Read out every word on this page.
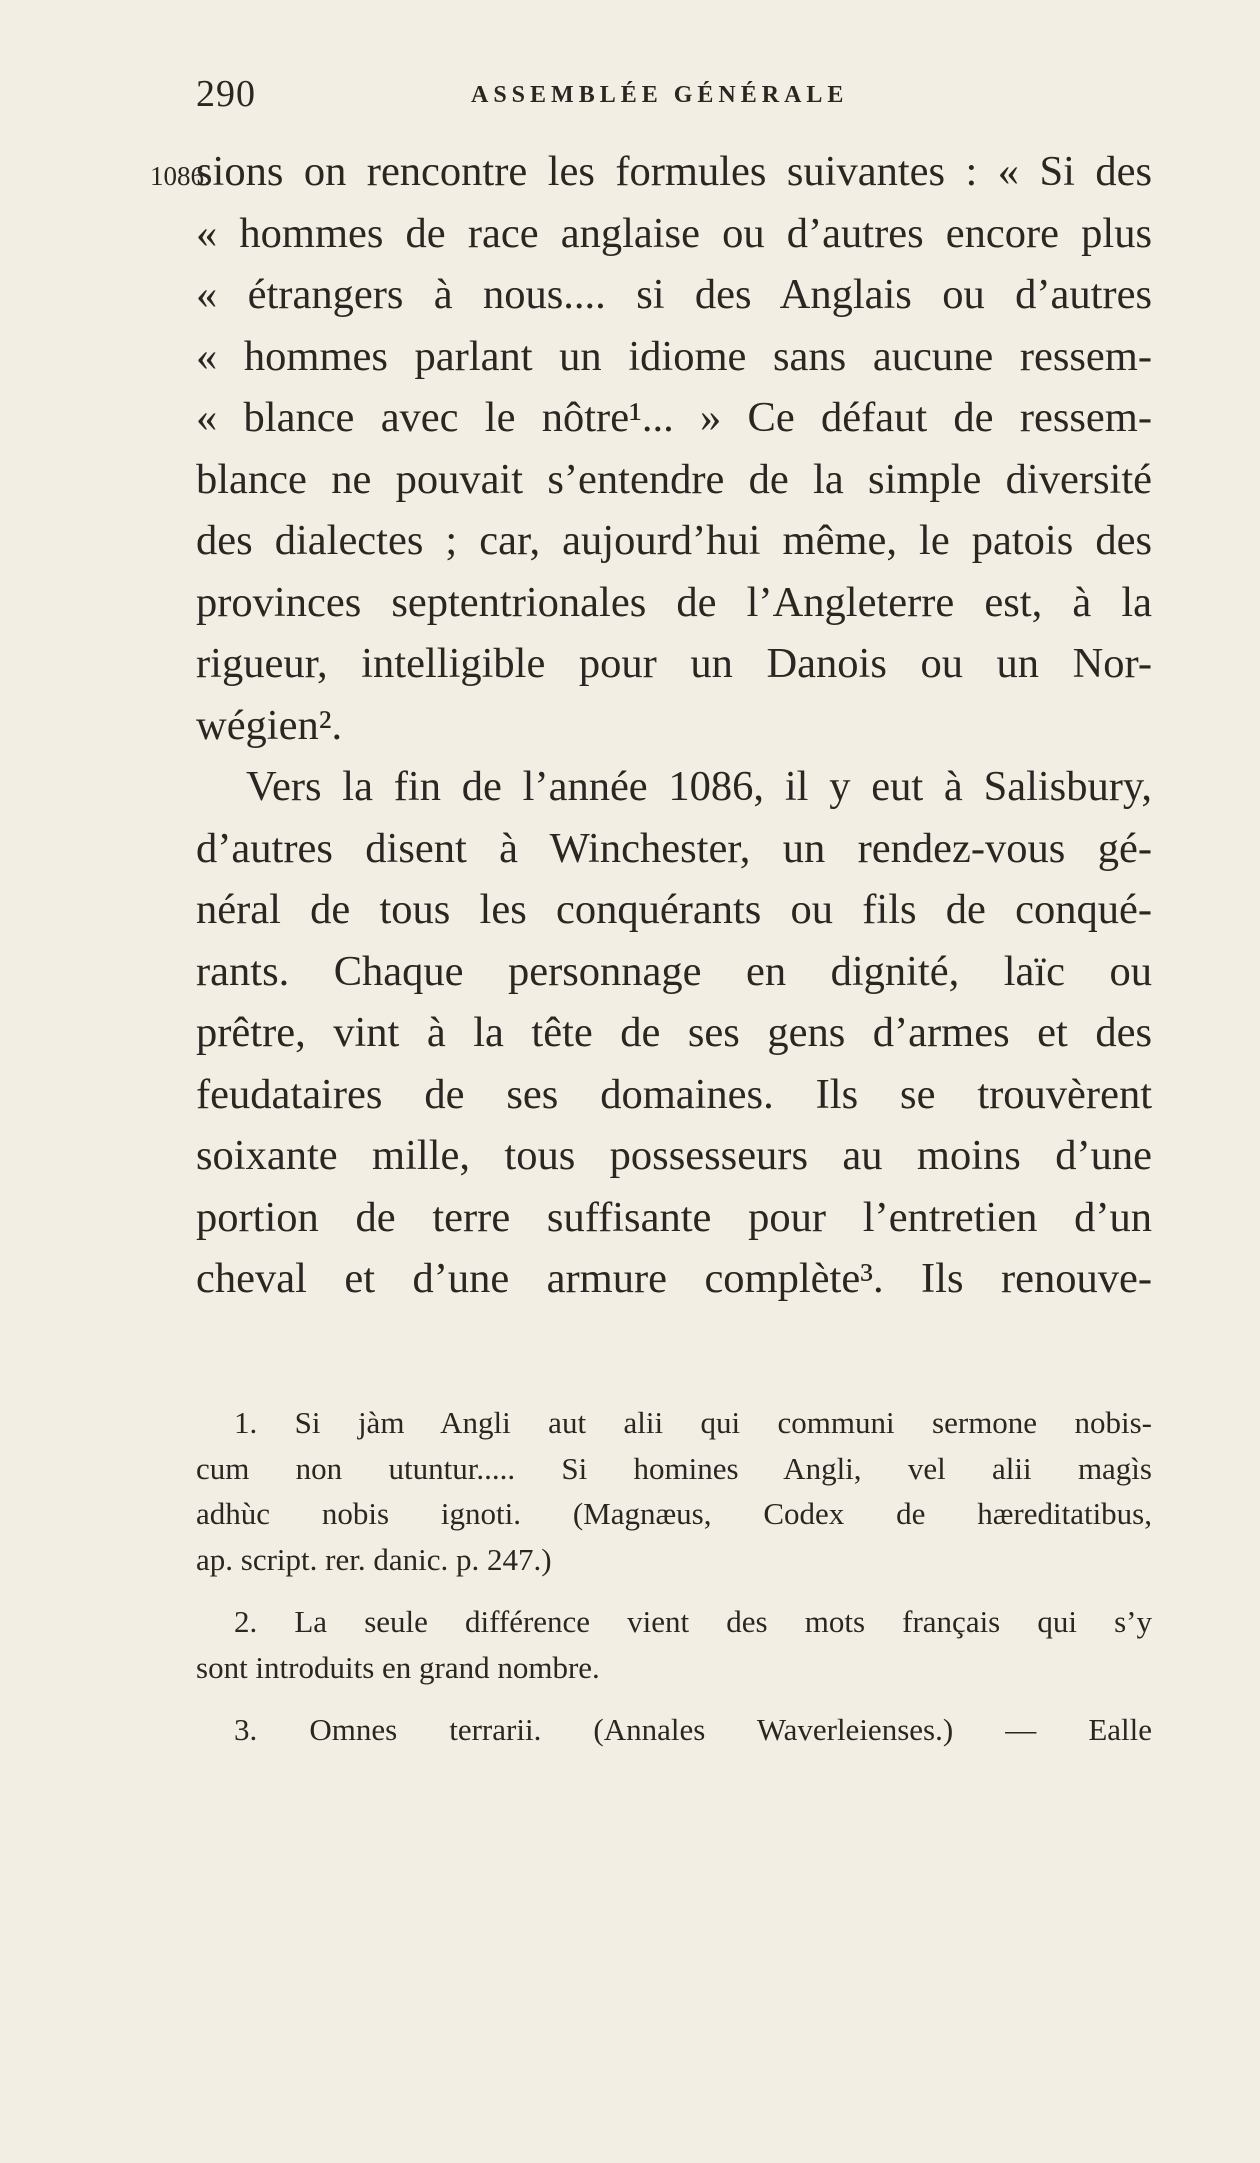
290	ASSEMBLÉE GÉNÉRALE
1086.
sions on rencontre les formules suivantes : « Si des
« hommes de race anglaise ou d’autres encore plus
« étrangers à nous.... si des Anglais ou d’autres
« hommes parlant un idiome sans aucune ressem-
« blance avec le nôtre¹... » Ce défaut de ressem-
blance ne pouvait s’entendre de la simple diversité
des dialectes ; car, aujourd’hui même, le patois des
provinces septentrionales de l’Angleterre est, à la
rigueur, intelligible pour un Danois ou un Nor-
wégien².
Vers la fin de l’année 1086, il y eut à Salisbury,
d’autres disent à Winchester, un rendez-vous gé-
néral de tous les conquérants ou fils de conqué-
rants. Chaque personnage en dignité, laïc ou
prêtre, vint à la tête de ses gens d’armes et des
feudataires de ses domaines. Ils se trouvèrent
soixante mille, tous possesseurs au moins d’une
portion de terre suffisante pour l’entretien d’un
cheval et d’une armure complète³. Ils renouve-
1. Si jàm Angli aut alii qui communi sermone nobis-
cum non utuntur..... Si homines Angli, vel alii magìs
adhùc nobis ignoti. (Magnæus, Codex de hæreditatibus,
ap. script. rer. danic. p. 247.)
2. La seule différence vient des mots français qui s’y
sont introduits en grand nombre.
3. Omnes terrarii. (Annales Waverleienses.) — Ealle
